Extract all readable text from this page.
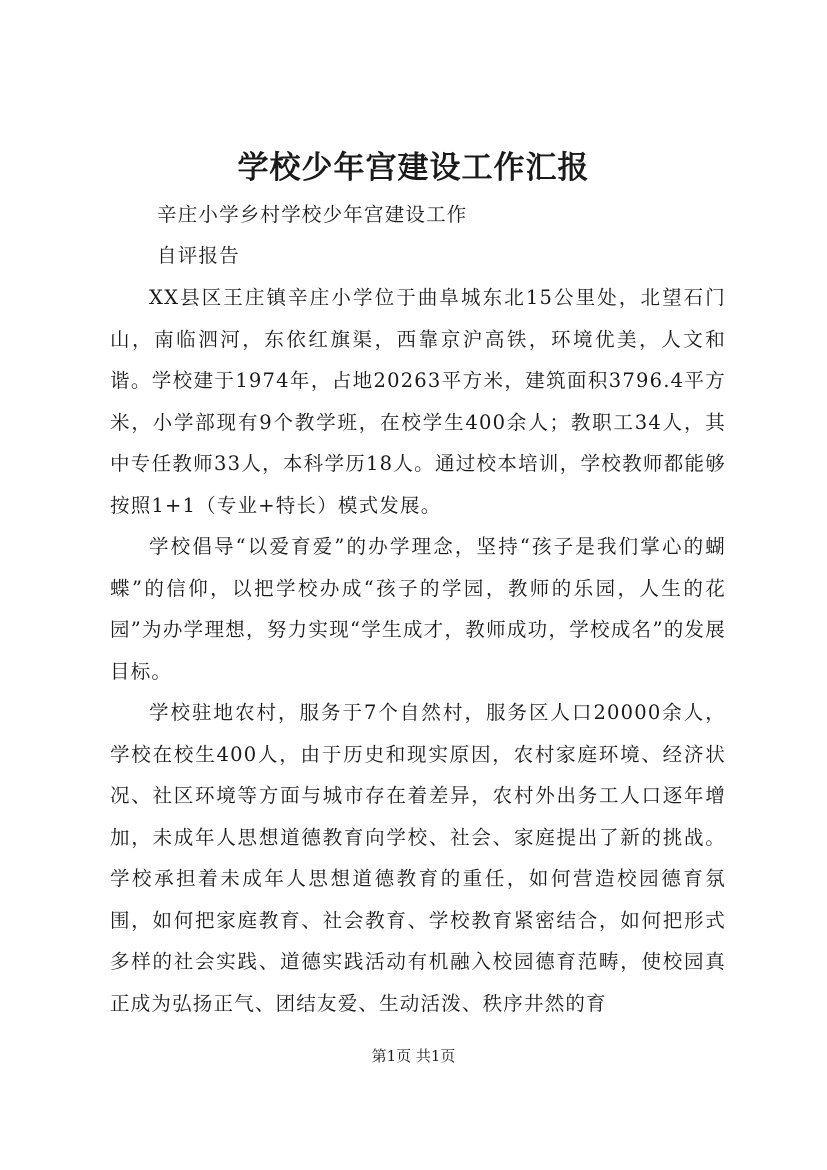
学校少年宫建设工作汇报
辛庄小学乡村学校少年宫建设工作
自评报告

XX县区王庄镇辛庄小学位于曲阜城东北15公里处，北望石门山，南临泗河，东依红旗渠，西靠京沪高铁，环境优美，人文和谐。学校建于1974年，占地20263平方米，建筑面积3796.4平方米，小学部现有9个教学班，在校学生400余人；教职工34人，其中专任教师33人，本科学历18人。通过校本培训，学校教师都能够按照1+1（专业+特长）模式发展。

学校倡导“以爱育爱”的办学理念，坚持“孩子是我们掌心的蝴蝶”的信仰，以把学校办成“孩子的学园，教师的乐园，人生的花园”为办学理想，努力实现“学生成才，教师成功，学校成名”的发展目标。

学校驻地农村，服务于7个自然村，服务区人口20000余人，学校在校生400人，由于历史和现实原因，农村家庭环境、经济状况、社区环境等方面与城市存在着差异，农村外出务工人口逐年增加，未成年人思想道德教育向学校、社会、家庭提出了新的挑战。学校承担着未成年人思想道德教育的重任，如何营造校园德育氛围，如何把家庭教育、社会教育、学校教育紧密结合，如何把形式多样的社会实践、道德实践活动有机融入校园德育范畴，使校园真正成为弘扬正气、团结友爱、生动活泼、秩序井然的育

第1页 共1页
